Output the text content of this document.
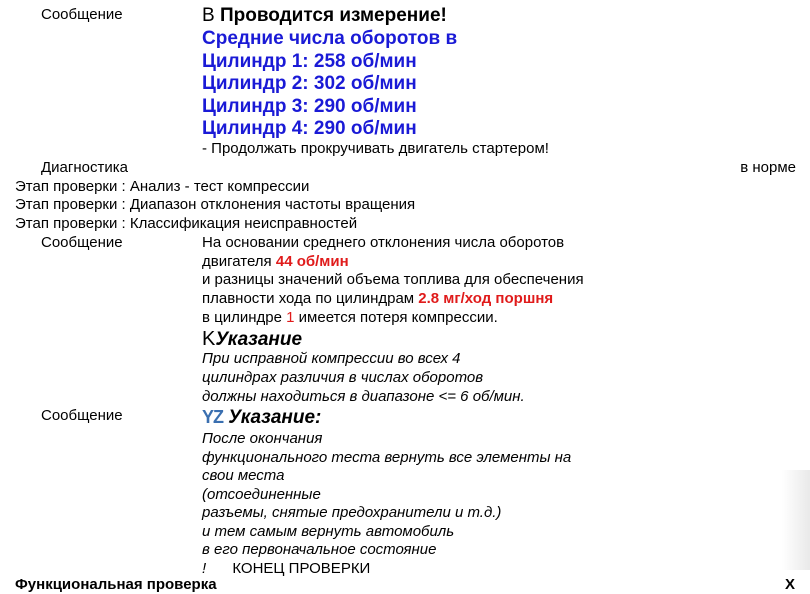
Сообщение	B Проводится измерение!
Средние числа оборотов в
Цилиндр 1: 258 об/мин
Цилиндр 2: 302 об/мин
Цилиндр 3: 290 об/мин
Цилиндр 4: 290 об/мин
- Продолжать прокручивать двигатель стартером!
Диагностика	в норме
Этап проверки : Анализ - тест компрессии
Этап проверки : Диапазон отклонения частоты вращения
Этап проверки : Классификация неисправностей
Сообщение	На основании среднего отклонения числа оборотов
двигателя 44 об/мин
и разницы значений объема топлива для обеспечения
плавности хода по цилиндрам 2.8 мг/ход поршня
в цилиндре 1 имеется потеря компрессии.
KУказание
При исправной компрессии во всех 4
цилиндрах различия в числах оборотов
должны находиться в диапазоне <= 6 об/мин.
Сообщение	YZ Указание:
После окончания
функционального теста вернуть все элементы на
свои места
(отсоединенные
разъемы, снятые предохранители и т.д.)
и тем самым вернуть автомобиль
в его первоначальное состояние
! КОНЕЦ ПРОВЕРКИ
Функциональная проверка	X
